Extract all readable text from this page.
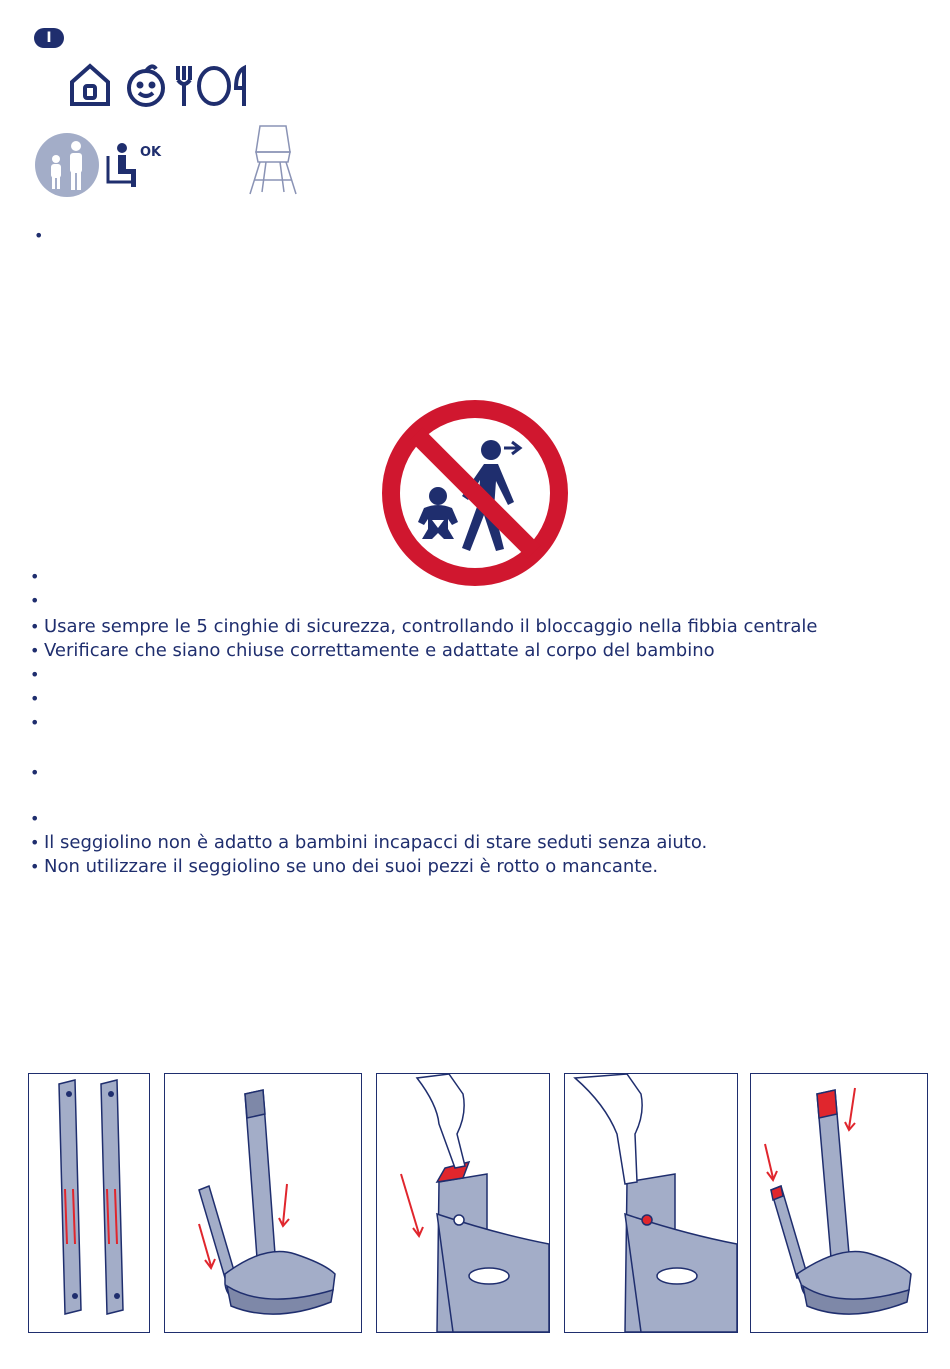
I
OK
•
•
•
• Usare sempre le 5 cinghie di sicurezza, controllando il bloccaggio nella fibbia centrale
• Verificare che siano chiuse correttamente e adattate al corpo del bambino
•
•
•
•
•
• Il seggiolino non è adatto a bambini incapacci di stare seduti senza aiuto.
• Non utilizzare il seggiolino se uno dei suoi pezzi è rotto o mancante.
